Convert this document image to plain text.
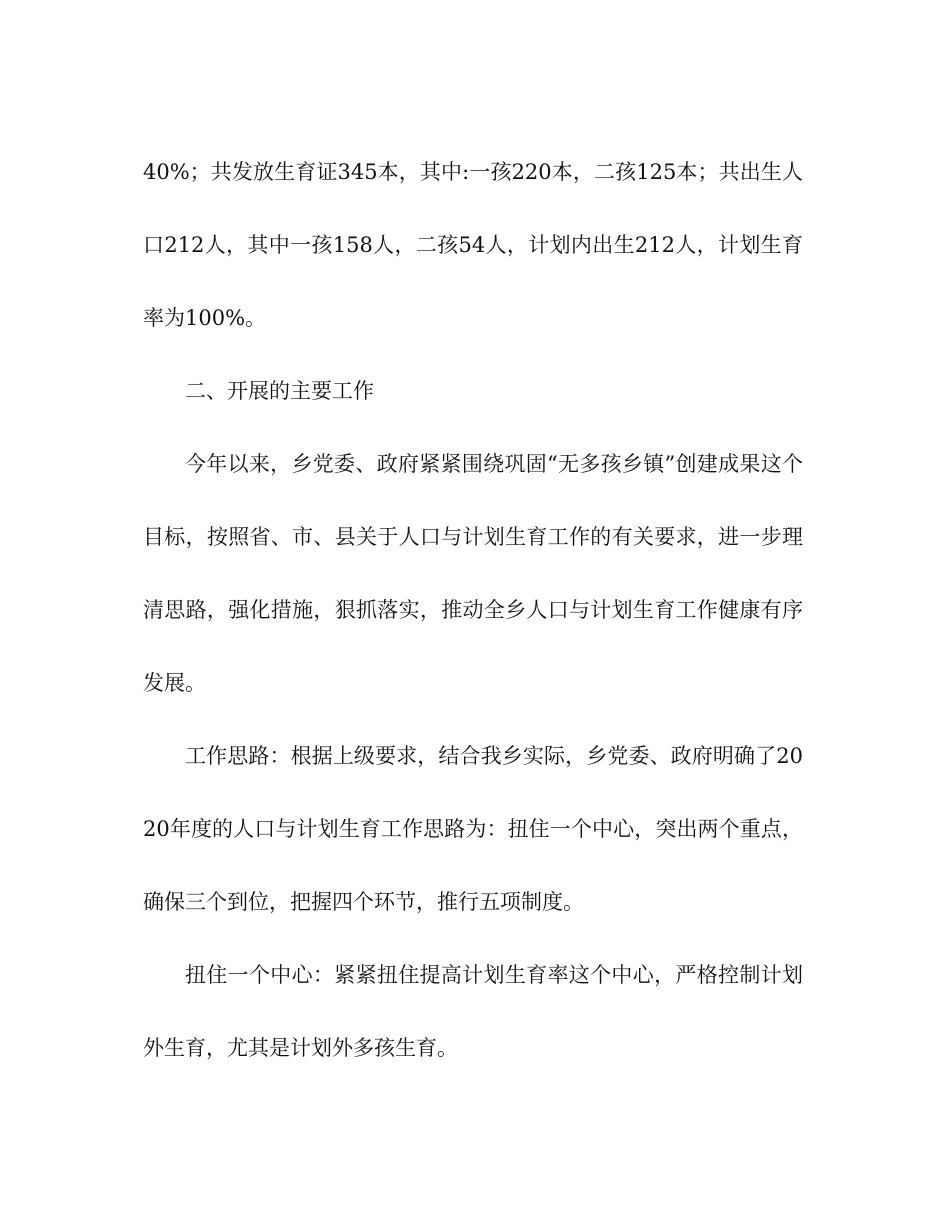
40%；共发放生育证345本，其中:一孩220本，二孩125本；共出生人口212人，其中一孩158人，二孩54人，计划内出生212人，计划生育率为100%。

二、开展的主要工作

今年以来，乡党委、政府紧紧围绕巩固“无多孩乡镇”创建成果这个目标，按照省、市、县关于人口与计划生育工作的有关要求，进一步理清思路，强化措施，狠抓落实，推动全乡人口与计划生育工作健康有序发展。

工作思路：根据上级要求，结合我乡实际，乡党委、政府明确了2020年度的人口与计划生育工作思路为：扭住一个中心，突出两个重点，确保三个到位，把握四个环节，推行五项制度。

扭住一个中心：紧紧扭住提高计划生育率这个中心，严格控制计划外生育，尤其是计划外多孩生育。
